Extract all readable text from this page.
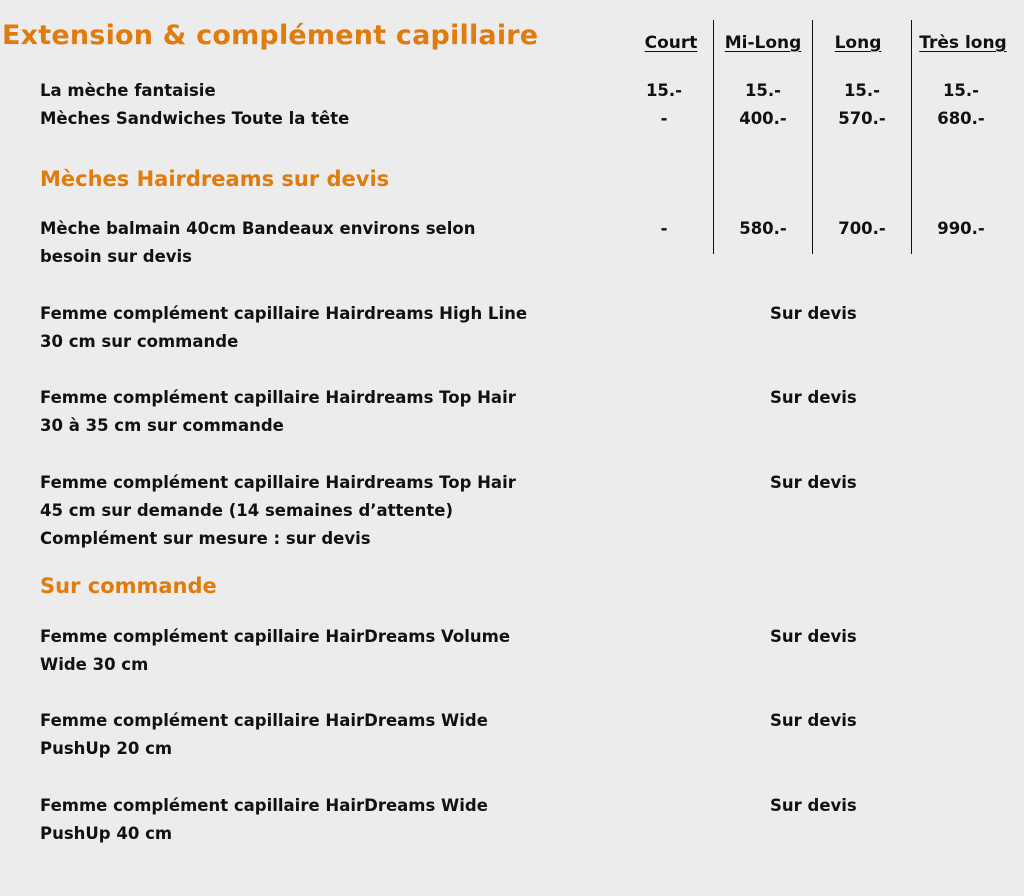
Extension & complément capillaire	Court	Mi-Long	Long	Très long
La mèche fantaisie	15.-	15.-	15.-	15.-
Mèches Sandwiches Toute la tête	-	400.-	570.-	680.-
Mèches Hairdreams sur devis
Mèche balmain 40cm Bandeaux environs selon
besoin sur devis
-	580.-	700.-	990.-
Femme complément capillaire Hairdreams High Line
30 cm sur commande
Sur devis
Femme complément capillaire Hairdreams Top Hair
30 à 35 cm sur commande
Sur devis
Femme complément capillaire Hairdreams Top Hair
45 cm sur demande (14 semaines d’attente)
Complément sur mesure : sur devis
Sur devis
Sur commande
Femme complément capillaire HairDreams Volume
Wide 30 cm
Sur devis
Femme complément capillaire HairDreams Wide
PushUp 20 cm
Sur devis
Femme complément capillaire HairDreams Wide
PushUp 40 cm
Sur devis
